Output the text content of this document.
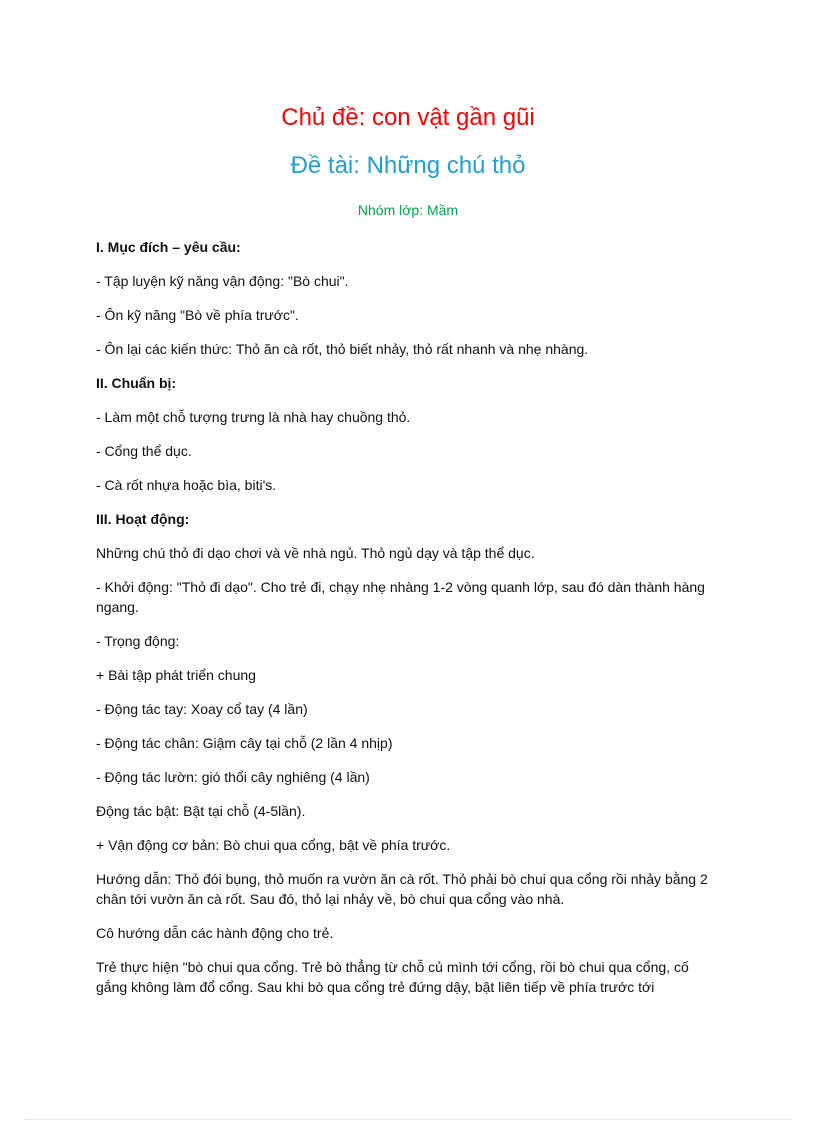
Chủ đề: con vật gần gũi
Đề tài: Những chú thỏ
Nhóm lớp: Mầm

I. Mục đích – yêu cầu:

- Tập luyện kỹ năng vận động: "Bò chui".

- Ôn kỹ năng "Bò về phía trước".

- Ôn lại các kiến thức: Thỏ ăn cà rốt, thỏ biết nhảy, thỏ rất nhanh và nhẹ nhàng.

II. Chuẩn bị:

- Làm một chỗ tượng trưng là nhà hay chuồng thỏ.

- Cổng thể dục.

- Cà rốt nhựa hoặc bìa, biti's.

III. Hoạt động:

Những chú thỏ đi dạo chơi và về nhà ngủ. Thỏ ngủ dạy và tập thể dục.

- Khởi động: "Thỏ đi dạo". Cho trẻ đi, chạy nhẹ nhàng 1-2 vòng quanh lớp, sau đó dàn thành hàng ngang.

- Trọng động:

+ Bài tập phát triển chung

- Động tác tay: Xoay cổ tay (4 lần)

- Động tác chân: Giậm cây tại chỗ (2 lần 4 nhịp)

- Động tác lườn: gió thổi cây nghiêng (4 lần)

Động tác bật: Bật tại chỗ (4-5lần).

+ Vận động cơ bản: Bò chui qua cổng, bật về phía trước.

Hướng dẫn: Thỏ đói bụng, thỏ muốn ra vườn ăn cà rốt. Thỏ phải bò chui qua cổng rồi nhảy bằng 2 chân tới vườn ăn cà rốt. Sau đó, thỏ lại nhảy về, bò chui qua cổng vào nhà.

Cô hướng dẫn các hành động cho trẻ.

Trẻ thực hiện "bò chui qua cổng. Trẻ bò thẳng từ chỗ củ mình tới cổng, rồi bò chui qua cổng, cố gắng không làm đổ cổng. Sau khi bò qua cổng trẻ đứng dậy, bật liên tiếp về phía trước tới
